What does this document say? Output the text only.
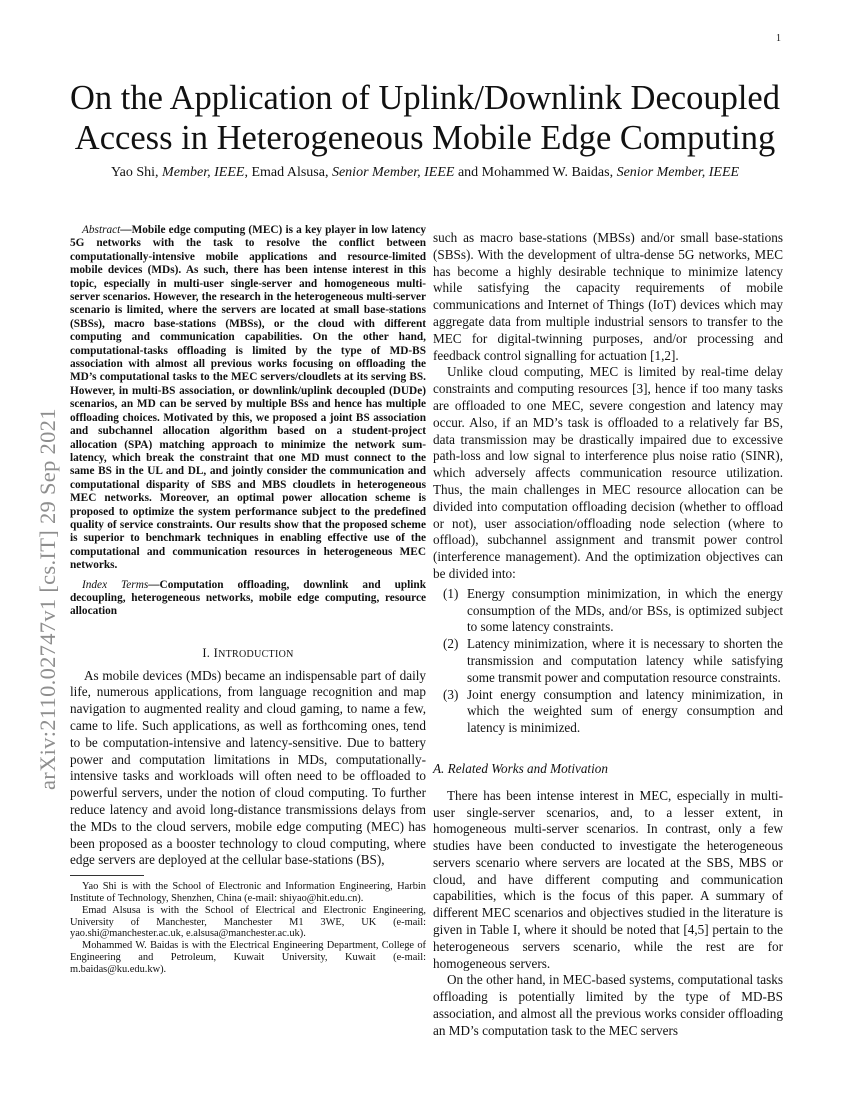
1
arXiv:2110.02747v1 [cs.IT] 29 Sep 2021
On the Application of Uplink/Downlink Decoupled
Access in Heterogeneous Mobile Edge Computing
Yao Shi, Member, IEEE, Emad Alsusa, Senior Member, IEEE and Mohammed W. Baidas, Senior Member, IEEE

Abstract—Mobile edge computing (MEC) is a key player in low latency 5G networks with the task to resolve the conflict between computationally-intensive mobile applications and resource-limited mobile devices (MDs). As such, there has been intense interest in this topic, especially in multi-user single-server and homogeneous multi-server scenarios. However, the research in the heterogeneous multi-server scenario is limited, where the servers are located at small base-stations (SBSs), macro base-stations (MBSs), or the cloud with different computing and communication capabilities. On the other hand, computational-tasks offloading is limited by the type of MD-BS association with almost all previous works focusing on offloading the MD’s computational tasks to the MEC servers/cloudlets at its serving BS. However, in multi-BS association, or downlink/uplink decoupled (DUDe) scenarios, an MD can be served by multiple BSs and hence has multiple offloading choices. Motivated by this, we proposed a joint BS association and subchannel allocation algorithm based on a student-project allocation (SPA) matching approach to minimize the network sum-latency, which break the constraint that one MD must connect to the same BS in the UL and DL, and jointly consider the communication and computational disparity of SBS and MBS cloudlets in heterogeneous MEC networks. Moreover, an optimal power allocation scheme is proposed to optimize the system performance subject to the predefined quality of service constraints. Our results show that the proposed scheme is superior to benchmark techniques in enabling effective use of the computational and communication resources in heterogeneous MEC networks.

Index Terms—Computation offloading, downlink and uplink decoupling, heterogeneous networks, mobile edge computing, resource allocation

I. INTRODUCTION

As mobile devices (MDs) became an indispensable part of daily life, numerous applications, from language recognition and map navigation to augmented reality and cloud gaming, to name a few, came to life. Such applications, as well as forthcoming ones, tend to be computation-intensive and latency-sensitive. Due to battery power and computation limitations in MDs, computationally-intensive tasks and workloads will often need to be offloaded to powerful servers, under the notion of cloud computing. To further reduce latency and avoid long-distance transmissions delays from the MDs to the cloud servers, mobile edge computing (MEC) has been proposed as a booster technology to cloud computing, where edge servers are deployed at the cellular base-stations (BS),

Yao Shi is with the School of Electronic and Information Engineering, Harbin Institute of Technology, Shenzhen, China (e-mail: shiyao@hit.edu.cn).

Emad Alsusa is with the School of Electrical and Electronic Engineering, University of Manchester, Manchester M1 3WE, UK (e-mail: yao.shi@manchester.ac.uk, e.alsusa@manchester.ac.uk).

Mohammed W. Baidas is with the Electrical Engineering Department, College of Engineering and Petroleum, Kuwait University, Kuwait (e-mail: m.baidas@ku.edu.kw).

such as macro base-stations (MBSs) and/or small base-stations (SBSs). With the development of ultra-dense 5G networks, MEC has become a highly desirable technique to minimize latency while satisfying the capacity requirements of mobile communications and Internet of Things (IoT) devices which may aggregate data from multiple industrial sensors to transfer to the MEC for digital-twinning purposes, and/or processing and feedback control signalling for actuation [1,2].

Unlike cloud computing, MEC is limited by real-time delay constraints and computing resources [3], hence if too many tasks are offloaded to one MEC, severe congestion and latency may occur. Also, if an MD’s task is offloaded to a relatively far BS, data transmission may be drastically impaired due to excessive path-loss and low signal to interference plus noise ratio (SINR), which adversely affects communication resource utilization. Thus, the main challenges in MEC resource allocation can be divided into computation offloading decision (whether to offload or not), user association/offloading node selection (where to offload), subchannel assignment and transmit power control (interference management). And the optimization objectives can be divided into:

(1) Energy consumption minimization, in which the energy consumption of the MDs, and/or BSs, is optimized subject to some latency constraints.
(2) Latency minimization, where it is necessary to shorten the transmission and computation latency while satisfying some transmit power and computation resource constraints.
(3) Joint energy consumption and latency minimization, in which the weighted sum of energy consumption and latency is minimized.
A. Related Works and Motivation

There has been intense interest in MEC, especially in multi-user single-server scenarios, and, to a lesser extent, in homogeneous multi-server scenarios. In contrast, only a few studies have been conducted to investigate the heterogeneous servers scenario where servers are located at the SBS, MBS or cloud, and have different computing and communication capabilities, which is the focus of this paper. A summary of different MEC scenarios and objectives studied in the literature is given in Table I, where it should be noted that [4,5] pertain to the heterogeneous servers scenario, while the rest are for homogeneous servers.

On the other hand, in MEC-based systems, computational tasks offloading is potentially limited by the type of MD-BS association, and almost all the previous works consider offloading an MD’s computation task to the MEC servers
